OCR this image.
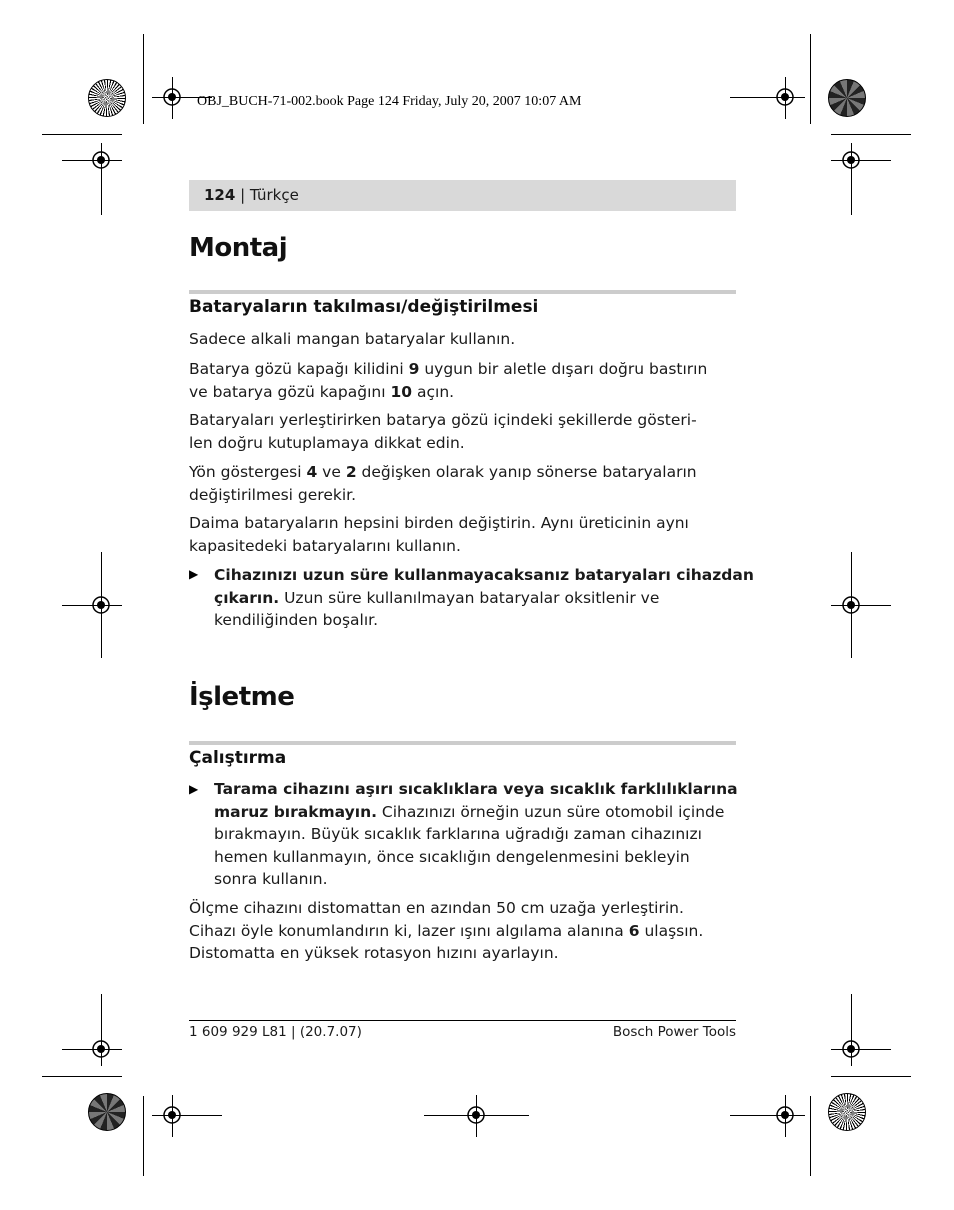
OBJ_BUCH-71-002.book Page 124 Friday, July 20, 2007 10:07 AM
124 | Türkçe
Montaj
Bataryaların takılması/değiştirilmesi
Sadece alkali mangan bataryalar kullanın.
Batarya gözü kapağı kilidini 9 uygun bir aletle dışarı doğru bastırın
ve batarya gözü kapağını 10 açın.
Bataryaları yerleştirirken batarya gözü içindeki şekillerde gösteri-
len doğru kutuplamaya dikkat edin.
Yön göstergesi 4 ve 2 değişken olarak yanıp sönerse bataryaların
değiştirilmesi gerekir.
Daima bataryaların hepsini birden değiştirin. Aynı üreticinin aynı
kapasitedeki bataryalarını kullanın.
▶ Cihazınızı uzun süre kullanmayacaksanız bataryaları cihazdan
çıkarın. Uzun süre kullanılmayan bataryalar oksitlenir ve
kendiliğinden boşalır.
İşletme
Çalıştırma
▶ Tarama cihazını aşırı sıcaklıklara veya sıcaklık farklılıklarına
maruz bırakmayın. Cihazınızı örneğin uzun süre otomobil içinde
bırakmayın. Büyük sıcaklık farklarına uğradığı zaman cihazınızı
hemen kullanmayın, önce sıcaklığın dengelenmesini bekleyin
sonra kullanın.
Ölçme cihazını distomattan en azından 50 cm uzağa yerleştirin.
Cihazı öyle konumlandırın ki, lazer ışını algılama alanına 6 ulaşsın.
Distomatta en yüksek rotasyon hızını ayarlayın.
1 609 929 L81 | (20.7.07)	Bosch Power Tools
